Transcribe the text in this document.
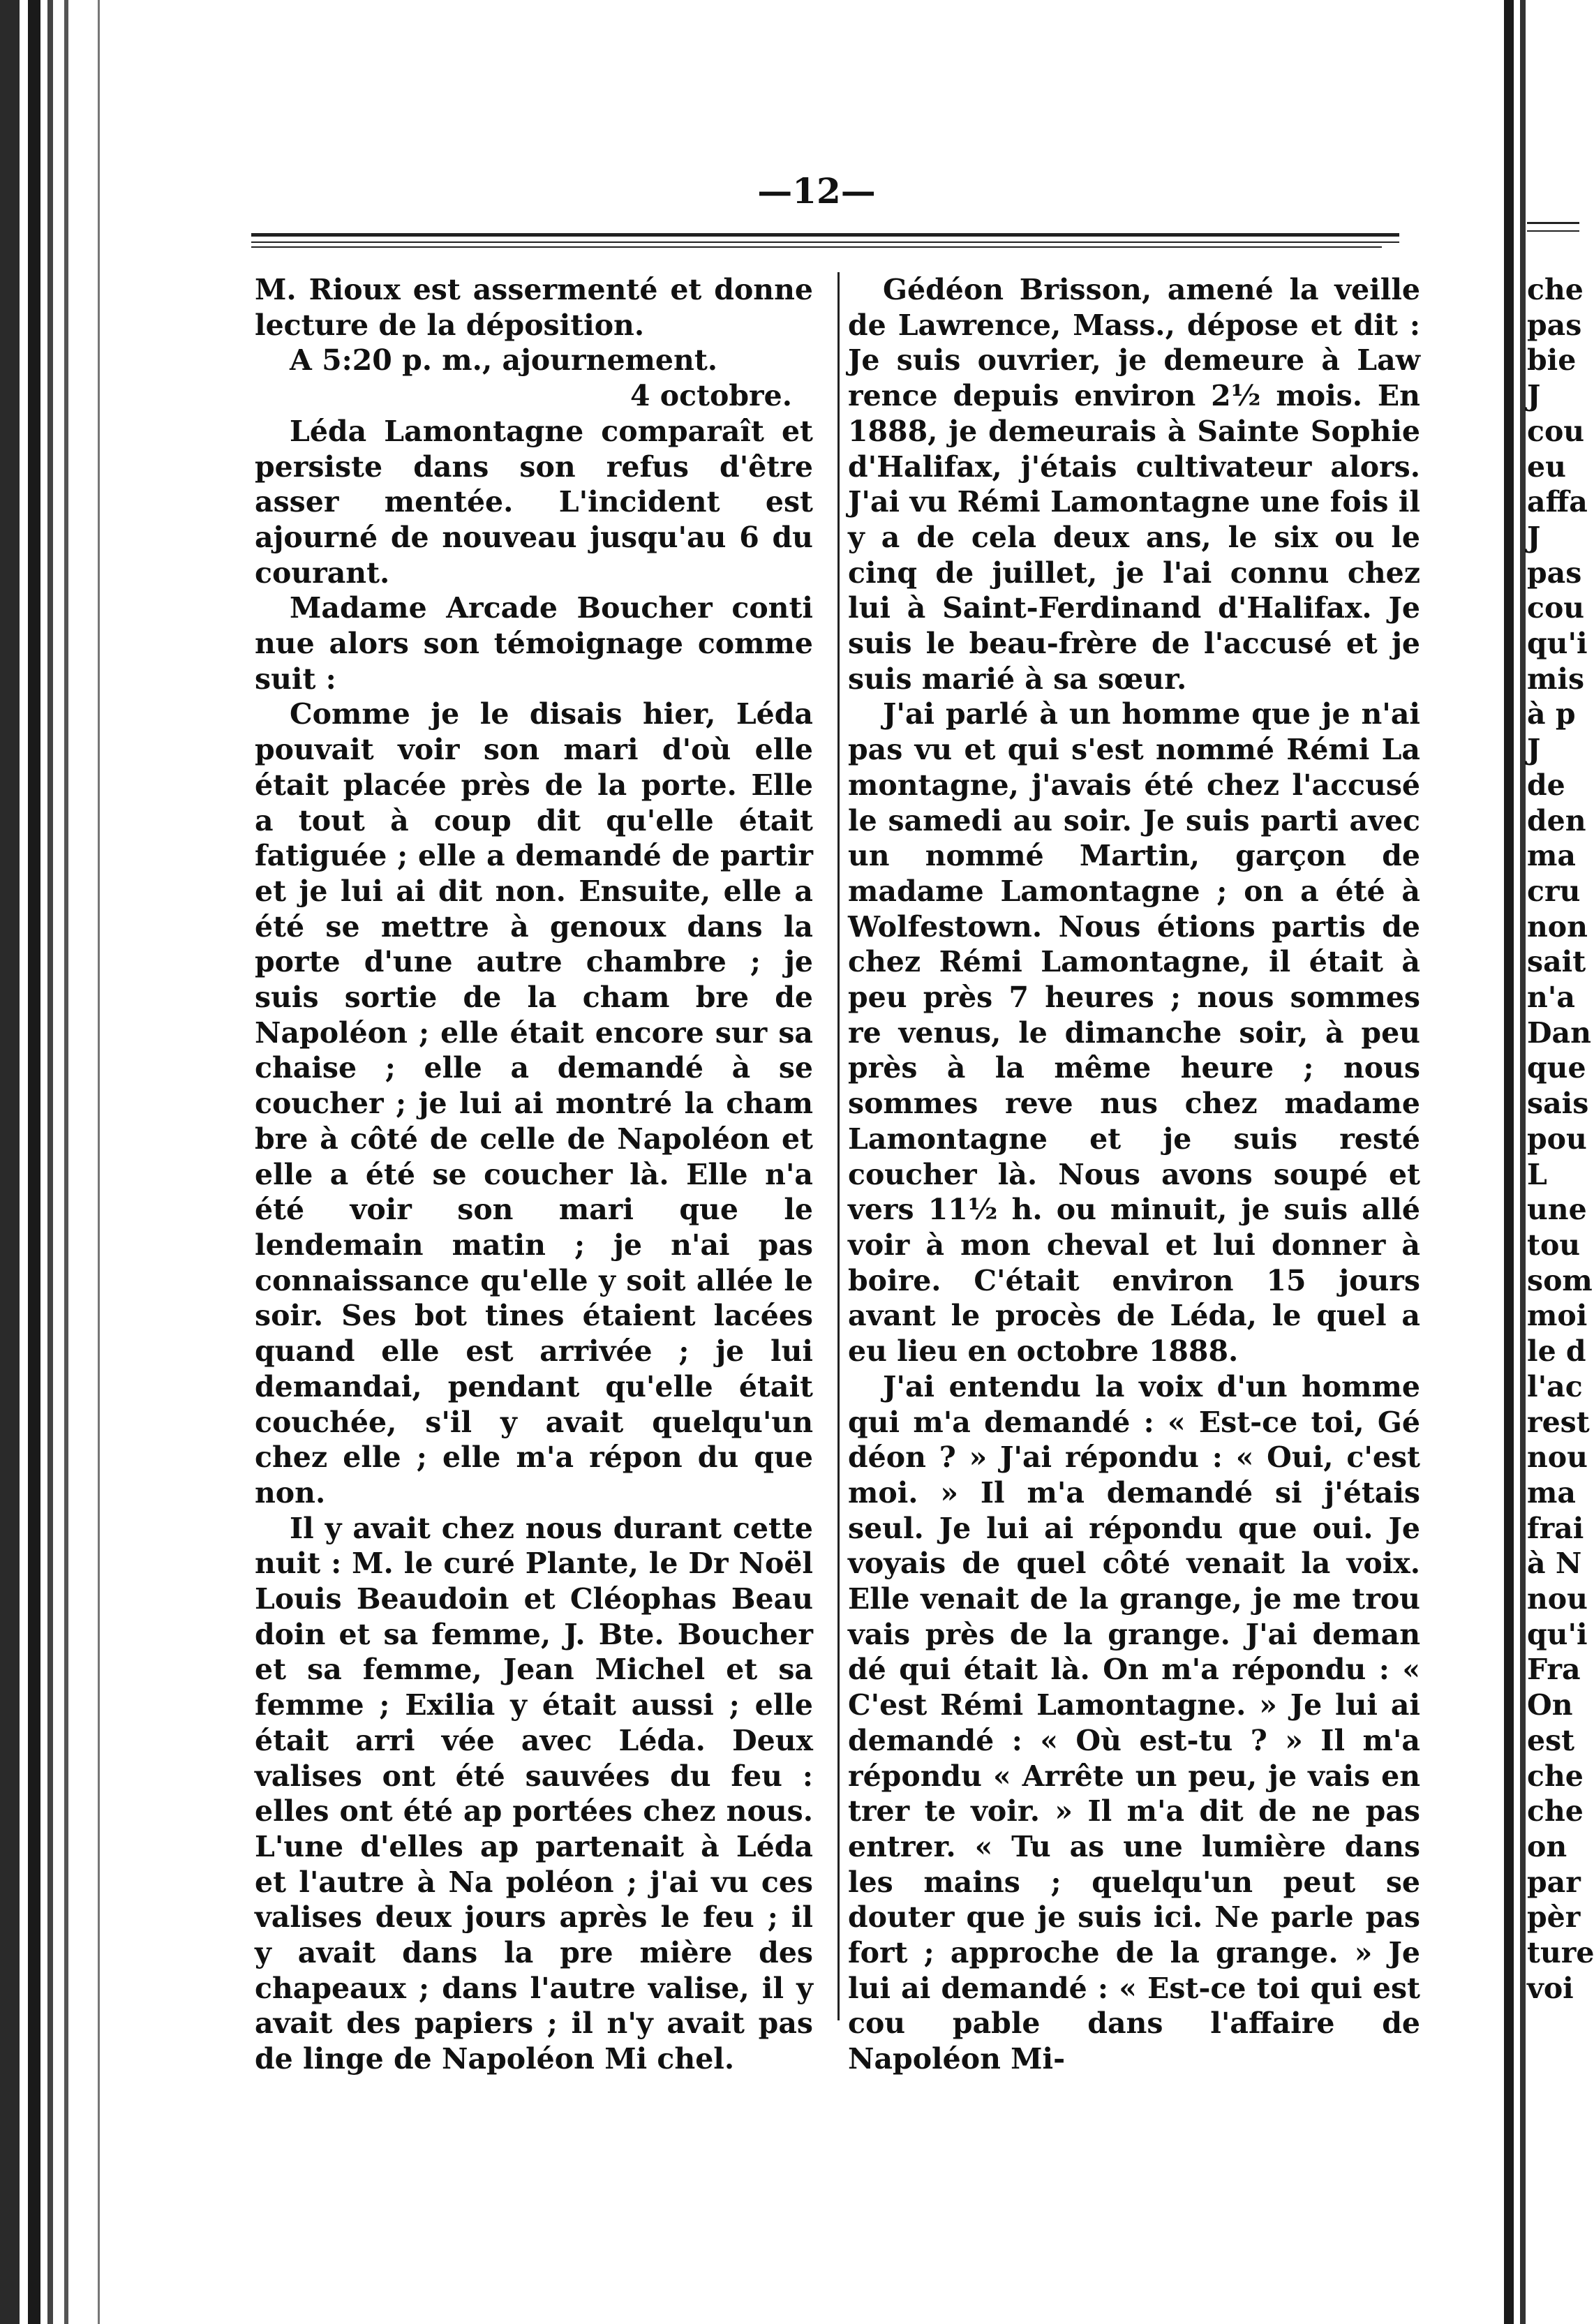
—12—

M. Rioux est assermenté et donne lecture de la déposition.

A 5:20 p. m., ajournement.

4 octobre.

Léda Lamontagne comparaît et persiste dans son refus d'être asser mentée. L'incident est ajourné de nouveau jusqu'au 6 du courant.

Madame Arcade Boucher conti nue alors son témoignage comme suit :

Comme je le disais hier, Léda pouvait voir son mari d'où elle était placée près de la porte. Elle a tout à coup dit qu'elle était fatiguée ; elle a demandé de partir et je lui ai dit non. Ensuite, elle a été se mettre à genoux dans la porte d'une autre chambre ; je suis sortie de la cham bre de Napoléon ; elle était encore sur sa chaise ; elle a demandé à se coucher ; je lui ai montré la cham bre à côté de celle de Napoléon et elle a été se coucher là. Elle n'a été voir son mari que le lendemain matin ; je n'ai pas connaissance qu'elle y soit allée le soir. Ses bot tines étaient lacées quand elle est arrivée ; je lui demandai, pendant qu'elle était couchée, s'il y avait quelqu'un chez elle ; elle m'a répon du que non.

Il y avait chez nous durant cette nuit : M. le curé Plante, le Dr Noël Louis Beaudoin et Cléophas Beau doin et sa femme, J. Bte. Boucher et sa femme, Jean Michel et sa femme ; Exilia y était aussi ; elle était arri vée avec Léda. Deux valises ont été sauvées du feu : elles ont été ap portées chez nous. L'une d'elles ap partenait à Léda et l'autre à Na poléon ; j'ai vu ces valises deux jours après le feu ; il y avait dans la pre mière des chapeaux ; dans l'autre valise, il y avait des papiers ; il n'y avait pas de linge de Napoléon Mi chel.

Gédéon Brisson, amené la veille de Lawrence, Mass., dépose et dit : Je suis ouvrier, je demeure à Law rence depuis environ 2½ mois. En 1888, je demeurais à Sainte Sophie d'Halifax, j'étais cultivateur alors. J'ai vu Rémi Lamontagne une fois il y a de cela deux ans, le six ou le cinq de juillet, je l'ai connu chez lui à Saint-Ferdinand d'Halifax. Je suis le beau-frère de l'accusé et je suis marié à sa sœur.

J'ai parlé à un homme que je n'ai pas vu et qui s'est nommé Rémi La montagne, j'avais été chez l'accusé le samedi au soir. Je suis parti avec un nommé Martin, garçon de madame Lamontagne ; on a été à Wolfestown. Nous étions partis de chez Rémi Lamontagne, il était à peu près 7 heures ; nous sommes re venus, le dimanche soir, à peu près à la même heure ; nous sommes reve nus chez madame Lamontagne et je suis resté coucher là. Nous avons soupé et vers 11½ h. ou minuit, je suis allé voir à mon cheval et lui donner à boire. C'était environ 15 jours avant le procès de Léda, le quel a eu lieu en octobre 1888.

J'ai entendu la voix d'un homme qui m'a demandé : « Est-ce toi, Gé déon ? » J'ai répondu : « Oui, c'est moi. » Il m'a demandé si j'étais seul. Je lui ai répondu que oui. Je voyais de quel côté venait la voix. Elle venait de la grange, je me trou vais près de la grange. J'ai deman dé qui était là. On m'a répondu : « C'est Rémi Lamontagne. » Je lui ai demandé : « Où est-tu ? » Il m'a répondu « Arrête un peu, je vais en trer te voir. » Il m'a dit de ne pas entrer. « Tu as une lumière dans les mains ; quelqu'un peut se douter que je suis ici. Ne parle pas fort ; approche de la grange. » Je lui ai demandé : « Est-ce toi qui est cou pable dans l'affaire de Napoléon Mi-

che
pas
bie
J
cou
eu
affa
J
pas
cou
qu'i
mis
à p
J
de
den
ma
cru
non
sait
n'a
Dan
que
sais
pou
L
une
tou
som
moi
le d
l'ac
rest
nou
ma
frai
à N
nou
qu'i
Fra
On
est
che
che
on
par
pèr
ture
voi
